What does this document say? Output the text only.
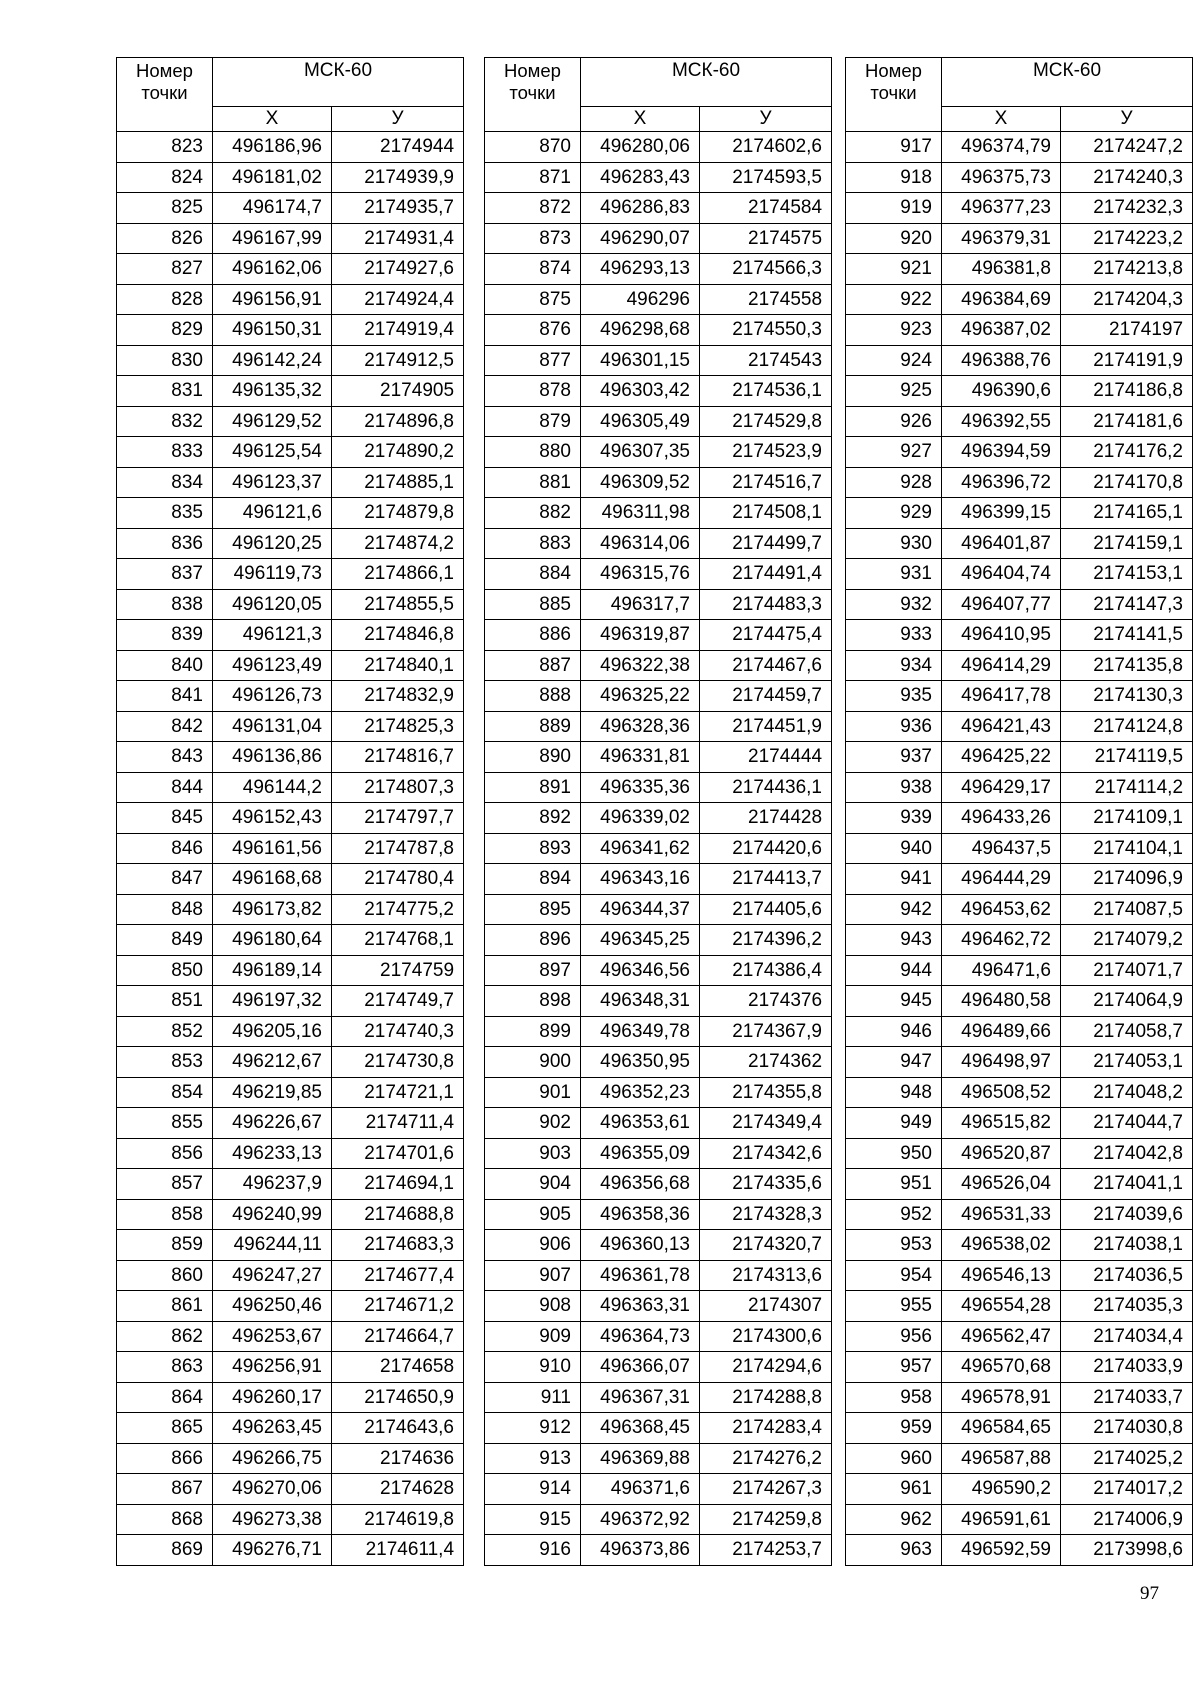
Номер
точки	МСК-60	
	Х	У
823	496186,96	2174944
824	496181,02	2174939,9
825	496174,7	2174935,7
826	496167,99	2174931,4
827	496162,06	2174927,6
828	496156,91	2174924,4
829	496150,31	2174919,4
830	496142,24	2174912,5
831	496135,32	2174905
832	496129,52	2174896,8
833	496125,54	2174890,2
834	496123,37	2174885,1
835	496121,6	2174879,8
836	496120,25	2174874,2
837	496119,73	2174866,1
838	496120,05	2174855,5
839	496121,3	2174846,8
840	496123,49	2174840,1
841	496126,73	2174832,9
842	496131,04	2174825,3
843	496136,86	2174816,7
844	496144,2	2174807,3
845	496152,43	2174797,7
846	496161,56	2174787,8
847	496168,68	2174780,4
848	496173,82	2174775,2
849	496180,64	2174768,1
850	496189,14	2174759
851	496197,32	2174749,7
852	496205,16	2174740,3
853	496212,67	2174730,8
854	496219,85	2174721,1
855	496226,67	2174711,4
856	496233,13	2174701,6
857	496237,9	2174694,1
858	496240,99	2174688,8
859	496244,11	2174683,3
860	496247,27	2174677,4
861	496250,46	2174671,2
862	496253,67	2174664,7
863	496256,91	2174658
864	496260,17	2174650,9
865	496263,45	2174643,6
866	496266,75	2174636
867	496270,06	2174628
868	496273,38	2174619,8
869	496276,71	2174611,4
Номер
точки	МСК-60	
	Х	У
870	496280,06	2174602,6
871	496283,43	2174593,5
872	496286,83	2174584
873	496290,07	2174575
874	496293,13	2174566,3
875	496296	2174558
876	496298,68	2174550,3
877	496301,15	2174543
878	496303,42	2174536,1
879	496305,49	2174529,8
880	496307,35	2174523,9
881	496309,52	2174516,7
882	496311,98	2174508,1
883	496314,06	2174499,7
884	496315,76	2174491,4
885	496317,7	2174483,3
886	496319,87	2174475,4
887	496322,38	2174467,6
888	496325,22	2174459,7
889	496328,36	2174451,9
890	496331,81	2174444
891	496335,36	2174436,1
892	496339,02	2174428
893	496341,62	2174420,6
894	496343,16	2174413,7
895	496344,37	2174405,6
896	496345,25	2174396,2
897	496346,56	2174386,4
898	496348,31	2174376
899	496349,78	2174367,9
900	496350,95	2174362
901	496352,23	2174355,8
902	496353,61	2174349,4
903	496355,09	2174342,6
904	496356,68	2174335,6
905	496358,36	2174328,3
906	496360,13	2174320,7
907	496361,78	2174313,6
908	496363,31	2174307
909	496364,73	2174300,6
910	496366,07	2174294,6
911	496367,31	2174288,8
912	496368,45	2174283,4
913	496369,88	2174276,2
914	496371,6	2174267,3
915	496372,92	2174259,8
916	496373,86	2174253,7
Номер
точки	МСК-60	
	Х	У
917	496374,79	2174247,2
918	496375,73	2174240,3
919	496377,23	2174232,3
920	496379,31	2174223,2
921	496381,8	2174213,8
922	496384,69	2174204,3
923	496387,02	2174197
924	496388,76	2174191,9
925	496390,6	2174186,8
926	496392,55	2174181,6
927	496394,59	2174176,2
928	496396,72	2174170,8
929	496399,15	2174165,1
930	496401,87	2174159,1
931	496404,74	2174153,1
932	496407,77	2174147,3
933	496410,95	2174141,5
934	496414,29	2174135,8
935	496417,78	2174130,3
936	496421,43	2174124,8
937	496425,22	2174119,5
938	496429,17	2174114,2
939	496433,26	2174109,1
940	496437,5	2174104,1
941	496444,29	2174096,9
942	496453,62	2174087,5
943	496462,72	2174079,2
944	496471,6	2174071,7
945	496480,58	2174064,9
946	496489,66	2174058,7
947	496498,97	2174053,1
948	496508,52	2174048,2
949	496515,82	2174044,7
950	496520,87	2174042,8
951	496526,04	2174041,1
952	496531,33	2174039,6
953	496538,02	2174038,1
954	496546,13	2174036,5
955	496554,28	2174035,3
956	496562,47	2174034,4
957	496570,68	2174033,9
958	496578,91	2174033,7
959	496584,65	2174030,8
960	496587,88	2174025,2
961	496590,2	2174017,2
962	496591,61	2174006,9
963	496592,59	2173998,6
97
